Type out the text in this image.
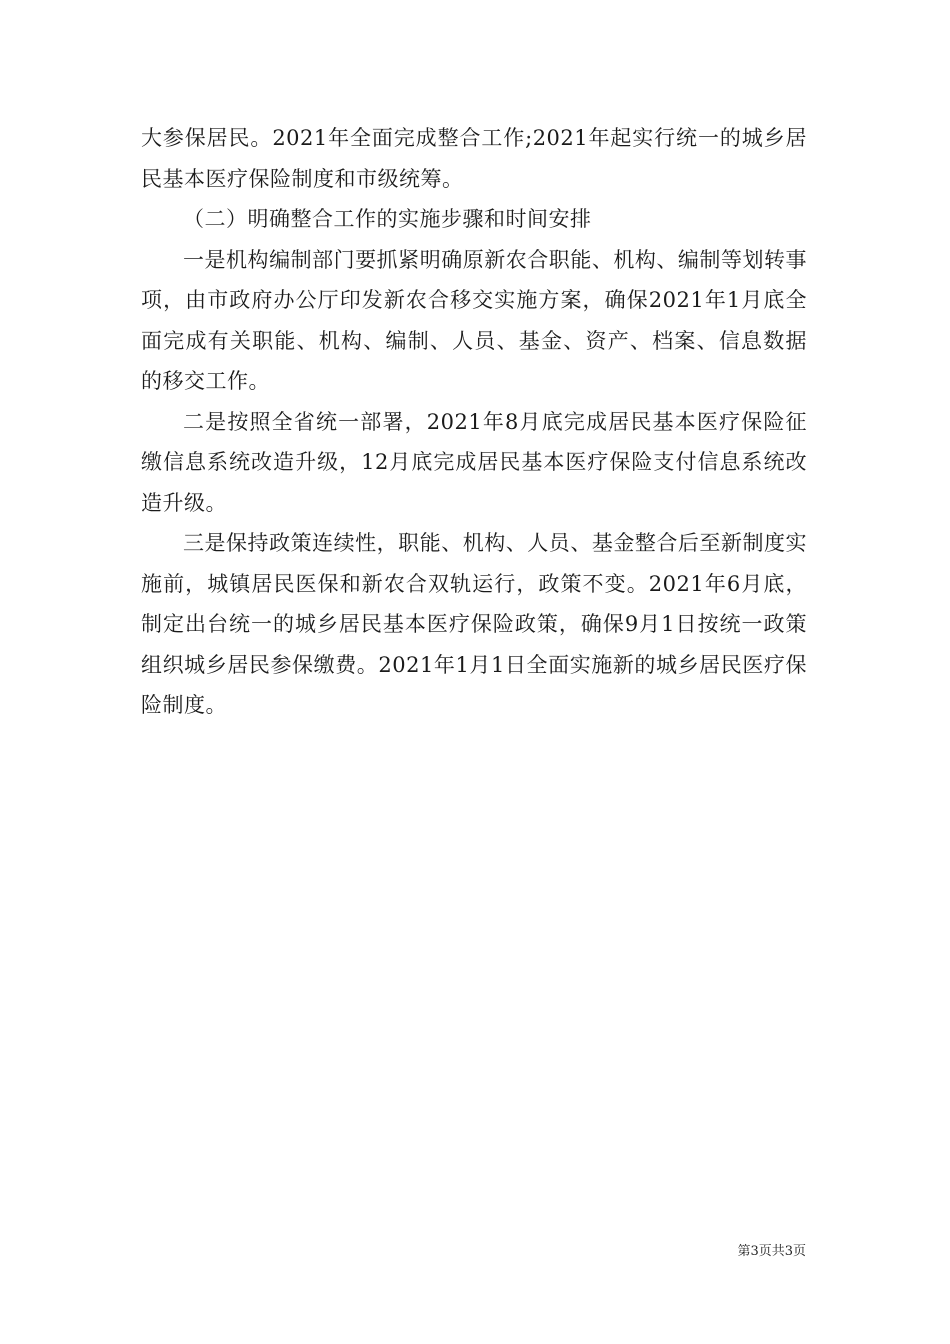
大参保居民。2021年全面完成整合工作;2021年起实行统一的城乡居民基本医疗保险制度和市级统筹。

（二）明确整合工作的实施步骤和时间安排

一是机构编制部门要抓紧明确原新农合职能、机构、编制等划转事项，由市政府办公厅印发新农合移交实施方案，确保2021年1月底全面完成有关职能、机构、编制、人员、基金、资产、档案、信息数据的移交工作。

二是按照全省统一部署，2021年8月底完成居民基本医疗保险征缴信息系统改造升级，12月底完成居民基本医疗保险支付信息系统改造升级。

三是保持政策连续性，职能、机构、人员、基金整合后至新制度实施前，城镇居民医保和新农合双轨运行，政策不变。2021年6月底，制定出台统一的城乡居民基本医疗保险政策，确保9月1日按统一政策组织城乡居民参保缴费。2021年1月1日全面实施新的城乡居民医疗保险制度。

第3页共3页
